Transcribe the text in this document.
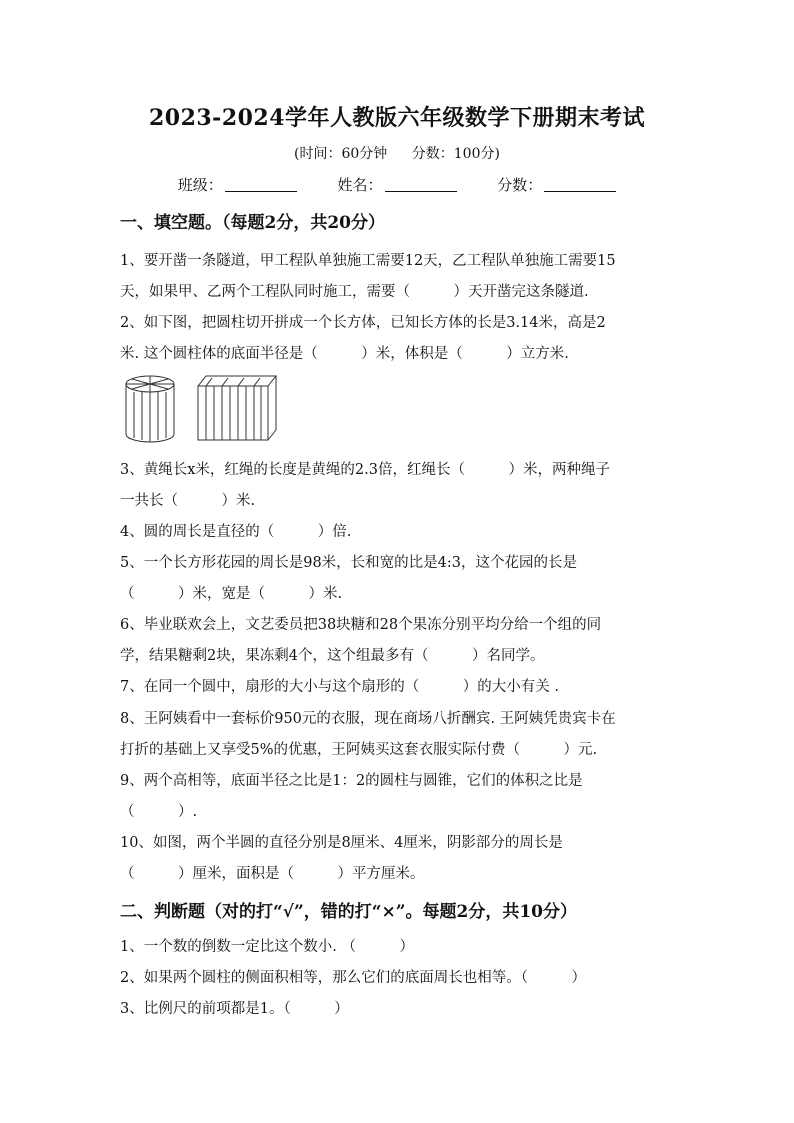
2023-2024学年人教版六年级数学下册期末考试
(时间：60分钟 分数：100分)
班级：	姓名：	分数：
一、填空题。（每题2分，共20分）
1、要开凿一条隧道，甲工程队单独施工需要12天，乙工程队单独施工需要15
天，如果甲、乙两个工程队同时施工，需要（　　　）天开凿完这条隧道.
2、如下图，把圆柱切开拼成一个长方体，已知长方体的长是3.14米，高是2
米. 这个圆柱体的底面半径是（　　　）米，体积是（　　　）立方米.
3、黄绳长x米，红绳的长度是黄绳的2.3倍，红绳长（　　　）米，两种绳子
一共长（　　　）米.
4、圆的周长是直径的（　　　）倍.
5、一个长方形花园的周长是98米，长和宽的比是4:3，这个花园的长是
（　　　）米，宽是（　　　）米.
6、毕业联欢会上，文艺委员把38块糖和28个果冻分别平均分给一个组的同
学，结果糖剩2块，果冻剩4个，这个组最多有（　　　）名同学。
7、在同一个圆中，扇形的大小与这个扇形的（　　　）的大小有关 .
8、王阿姨看中一套标价950元的衣服，现在商场八折酬宾. 王阿姨凭贵宾卡在
打折的基础上又享受5%的优惠，王阿姨买这套衣服实际付费（　　　）元.
9、两个高相等，底面半径之比是1：2的圆柱与圆锥，它们的体积之比是
（　　　）.
10、如图，两个半圆的直径分别是8厘米、4厘米，阴影部分的周长是
（　　　）厘米，面积是（　　　）平方厘米。
二、判断题（对的打“√”，错的打“×”。每题2分，共10分）
1、一个数的倒数一定比这个数小. （　　　）
2、如果两个圆柱的侧面积相等，那么它们的底面周长也相等。（　　　）
3、比例尺的前项都是1。（　　　）
